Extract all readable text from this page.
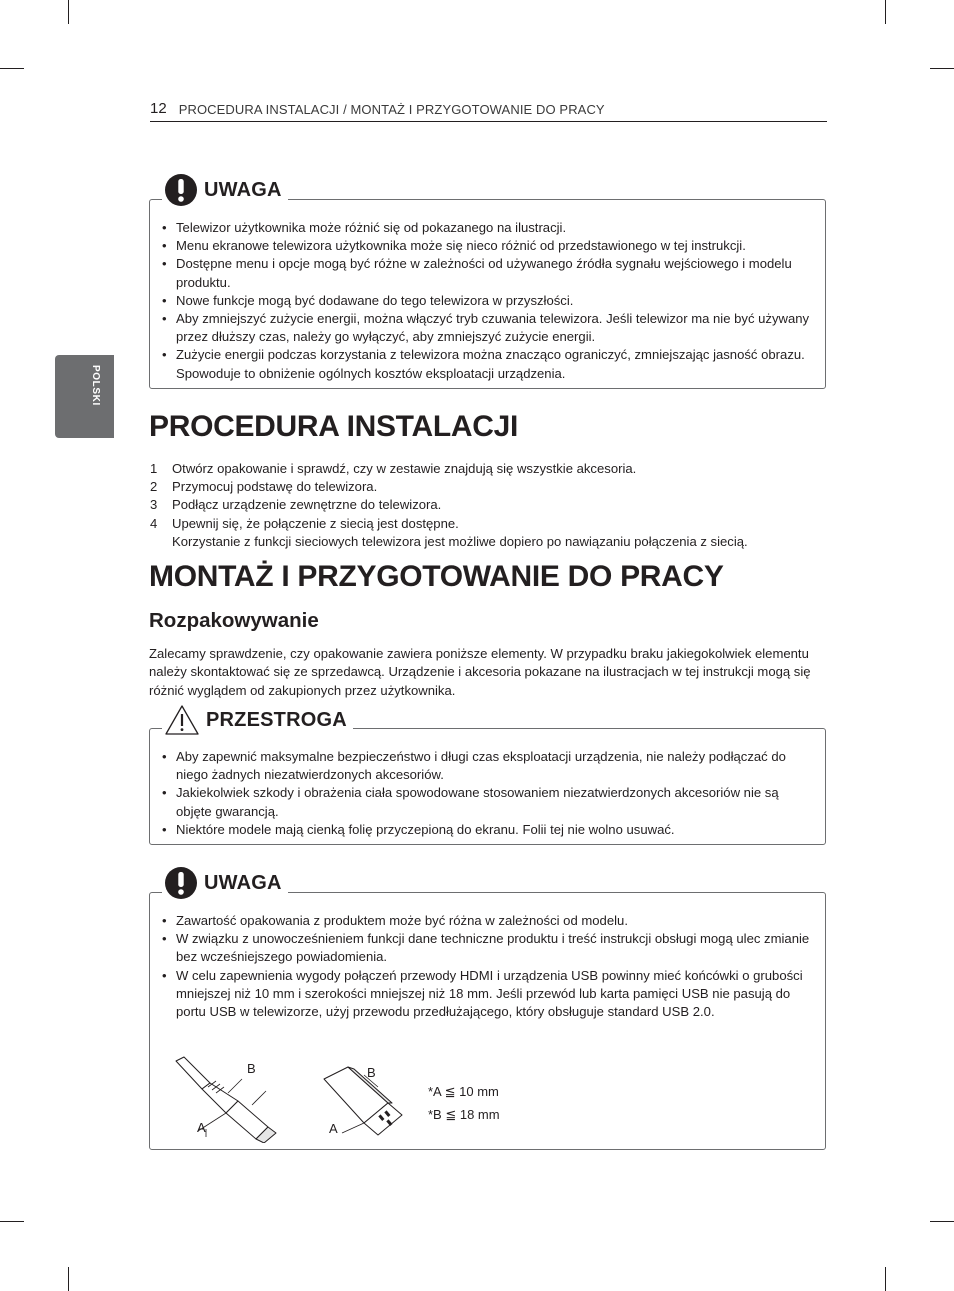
12 PROCEDURA INSTALACJI / MONTAŻ I PRZYGOTOWANIE DO PRACY
POLSKI
UWAGA
• Telewizor użytkownika może różnić się od pokazanego na ilustracji.
• Menu ekranowe telewizora użytkownika może się nieco różnić od przedstawionego w tej instrukcji.
• Dostępne menu i opcje mogą być różne w zależności od używanego źródła sygnału wejściowego i modelu produktu.
• Nowe funkcje mogą być dodawane do tego telewizora w przyszłości.
• Aby zmniejszyć zużycie energii, można włączyć tryb czuwania telewizora. Jeśli telewizor ma nie być używany przez dłuższy czas, należy go wyłączyć, aby zmniejszyć zużycie energii.
• Zużycie energii podczas korzystania z telewizora można znacząco ograniczyć, zmniejszając jasność obrazu. Spowoduje to obniżenie ogólnych kosztów eksploatacji urządzenia.
PROCEDURA INSTALACJI
1 Otwórz opakowanie i sprawdź, czy w zestawie znajdują się wszystkie akcesoria.
2 Przymocuj podstawę do telewizora.
3 Podłącz urządzenie zewnętrzne do telewizora.
4 Upewnij się, że połączenie z siecią jest dostępne.
Korzystanie z funkcji sieciowych telewizora jest możliwe dopiero po nawiązaniu połączenia z siecią.
MONTAŻ I PRZYGOTOWANIE DO PRACY
Rozpakowywanie

Zalecamy sprawdzenie, czy opakowanie zawiera poniższe elementy. W przypadku braku jakiegokolwiek elementu należy skontaktować się ze sprzedawcą. Urządzenie i akcesoria pokazane na ilustracjach w tej instrukcji mogą się różnić wyglądem od zakupionych przez użytkownika.

PRZESTROGA
• Aby zapewnić maksymalne bezpieczeństwo i długi czas eksploatacji urządzenia, nie należy podłączać do niego żadnych niezatwierdzonych akcesoriów.
• Jakiekolwiek szkody i obrażenia ciała spowodowane stosowaniem niezatwierdzonych akcesoriów nie są objęte gwarancją.
• Niektóre modele mają cienką folię przyczepioną do ekranu. Folii tej nie wolno usuwać.
UWAGA
• Zawartość opakowania z produktem może być różna w zależności od modelu.
• W związku z unowocześnieniem funkcji dane techniczne produktu i treść instrukcji obsługi mogą ulec zmianie bez wcześniejszego powiadomienia.
• W celu zapewnienia wygody połączeń przewody HDMI i urządzenia USB powinny mieć końcówki o grubości mniejszej niż 10 mm i szerokości mniejszej niż 18 mm. Jeśli przewód lub karta pamięci USB nie pasują do portu USB w telewizorze, użyj przewodu przedłużającego, który obsługuje standard USB 2.0.
B
A
B
A
*A ≦ 10 mm
*B ≦ 18 mm
